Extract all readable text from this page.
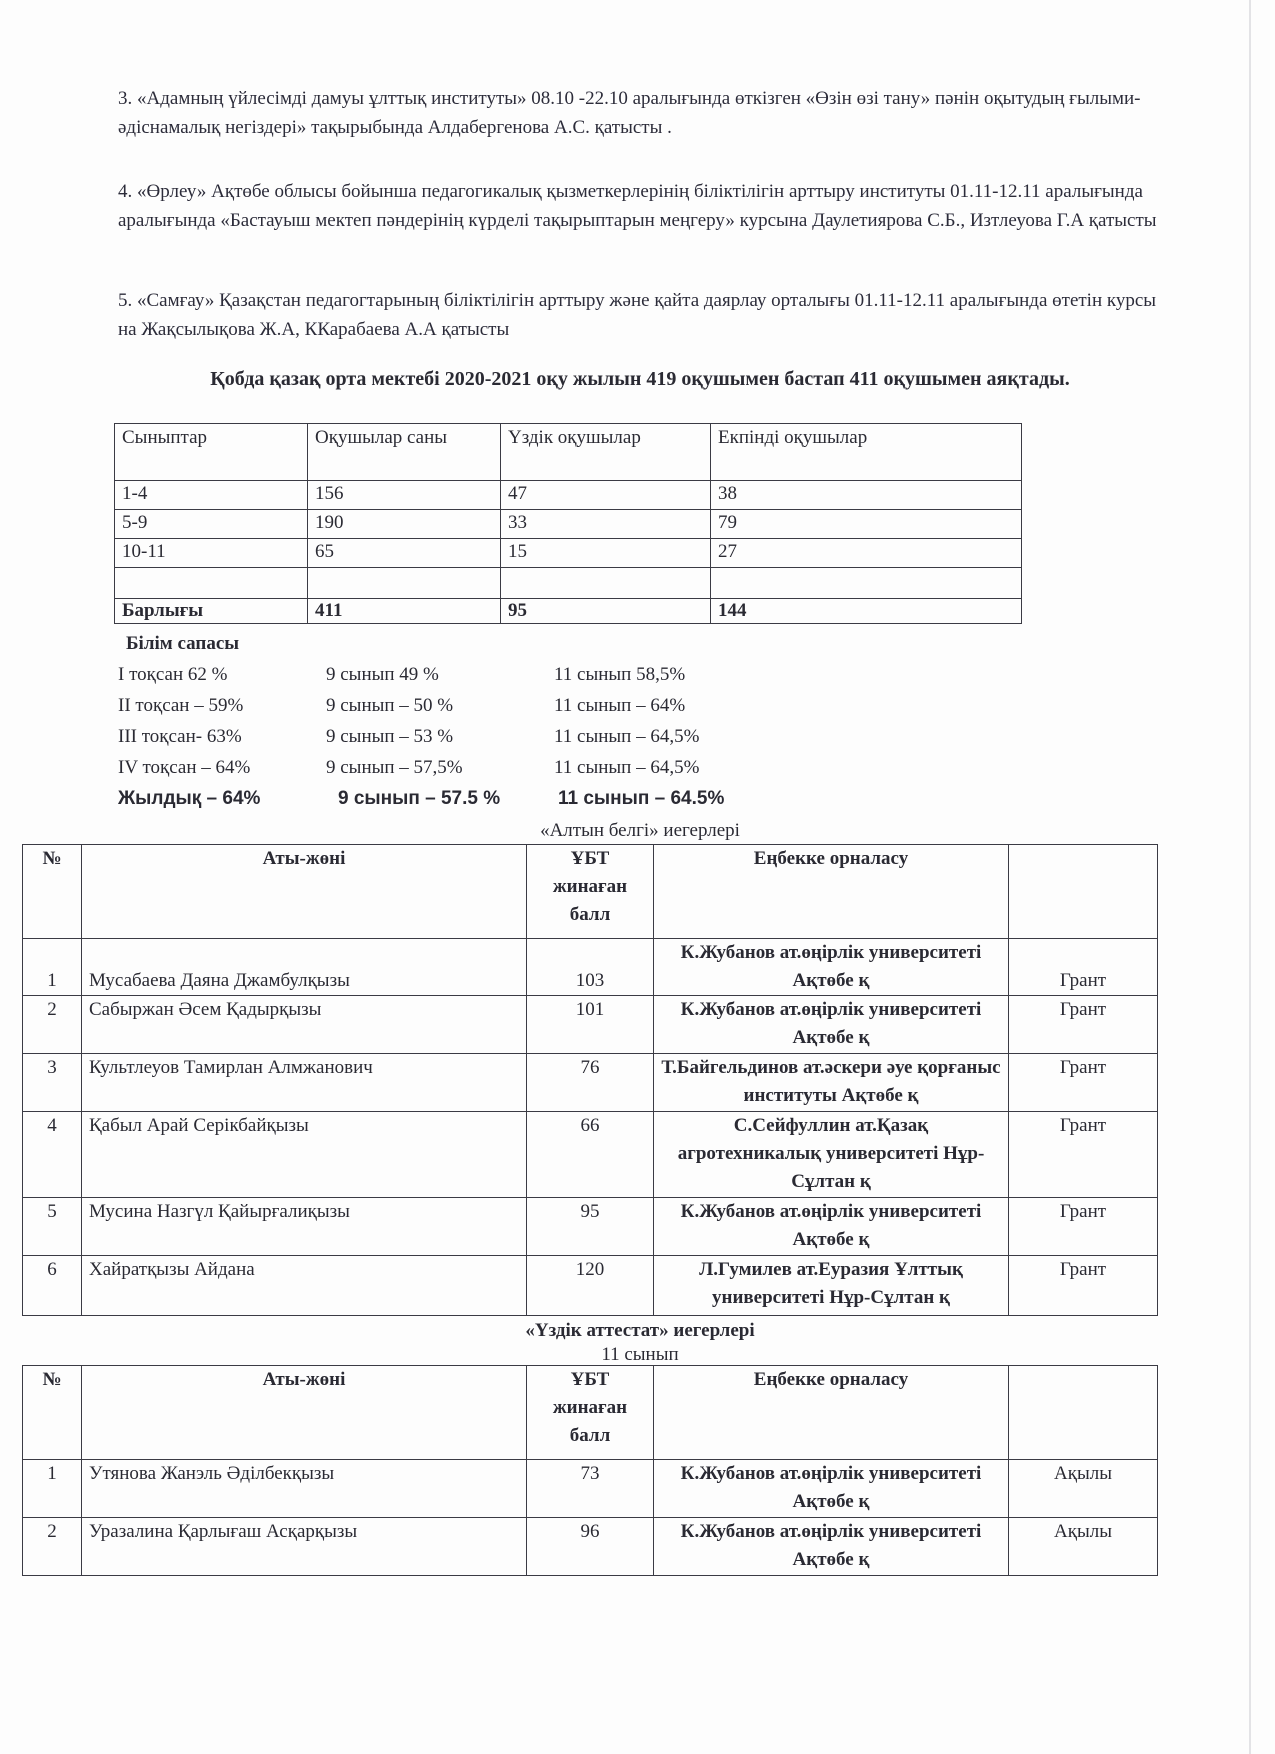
3. «Адамның үйлесімді дамуы ұлттық институты» 08.10 -22.10 аралығында өткізген «Өзін өзі тану» пәнін оқытудың ғылыми-әдіснамалық негіздері» тақырыбында Алдабергенова А.С. қатысты .
4. «Өрлеу» Ақтөбе облысы бойынша педагогикалық қызметкерлерінің біліктілігін арттыру институты 01.11-12.11 аралығында аралығында «Бастауыш мектеп пәндерінің күрделі тақырыптарын меңгеру» курсына Даулетиярова С.Б., Изтлеуова Г.А қатысты
5. «Самғау» Қазақстан педагогтарының біліктілігін арттыру және қайта даярлау орталығы 01.11-12.11 аралығында өтетін курсы на Жақсылықова Ж.А, ККарабаева А.А қатысты
Қобда қазақ орта мектебі 2020-2021 оқу жылын 419 оқушымен бастап 411 оқушымен аяқтады.
Сыныптар	Оқушылар саны	Үздік оқушылар	Екпінді оқушылар
1-4	156	47	38
5-9	190	33	79
10-11	65	15	27

Барлығы	411	95	144
Білім сапасы
І тоқсан 62 %	9 сынып 49 %	11 сынып 58,5%
ІІ тоқсан – 59%	9 сынып – 50 %	11 сынып – 64%
ІІІ тоқсан- 63%	9 сынып – 53 %	11 сынып – 64,5%
ІV тоқсан – 64%	9 сынып – 57,5%	11 сынып – 64,5%
Жылдық – 64%	9 сынып – 57.5 %	11 сынып – 64.5%
«Алтын белгі» иегерлері
№	Аты-жөні	ҰБТ жинаған балл	Еңбекке орналасу	
1	Мусабаева Даяна Джамбулқызы	103	К.Жубанов ат.өңірлік университеті Ақтөбе қ	Грант
2	Сабыржан Әсем Қадырқызы	101	К.Жубанов ат.өңірлік университеті Ақтөбе қ	Грант
3	Культлеуов Тамирлан Алмжанович	76	Т.Байгельдинов ат.әскери әуе қорғаныс институты Ақтөбе қ	Грант
4	Қабыл Арай Серікбайқызы	66	С.Сейфуллин ат.Қазақ агротехникалық университеті Нұр-Сұлтан қ	Грант
5	Мусина Назгүл Қайырғалиқызы	95	К.Жубанов ат.өңірлік университеті Ақтөбе қ	Грант
6	Хайратқызы Айдана	120	Л.Гумилев ат.Еуразия Ұлттық университеті Нұр-Сұлтан қ	Грант
«Үздік аттестат» иегерлері
11 сынып
№	Аты-жөні	ҰБТ жинаған балл	Еңбекке орналасу	
1	Утянова Жанэль Әділбекқызы	73	К.Жубанов ат.өңірлік университеті Ақтөбе қ	Ақылы
2	Уразалина Қарлығаш Асқарқызы	96	К.Жубанов ат.өңірлік университеті Ақтөбе қ	Ақылы
